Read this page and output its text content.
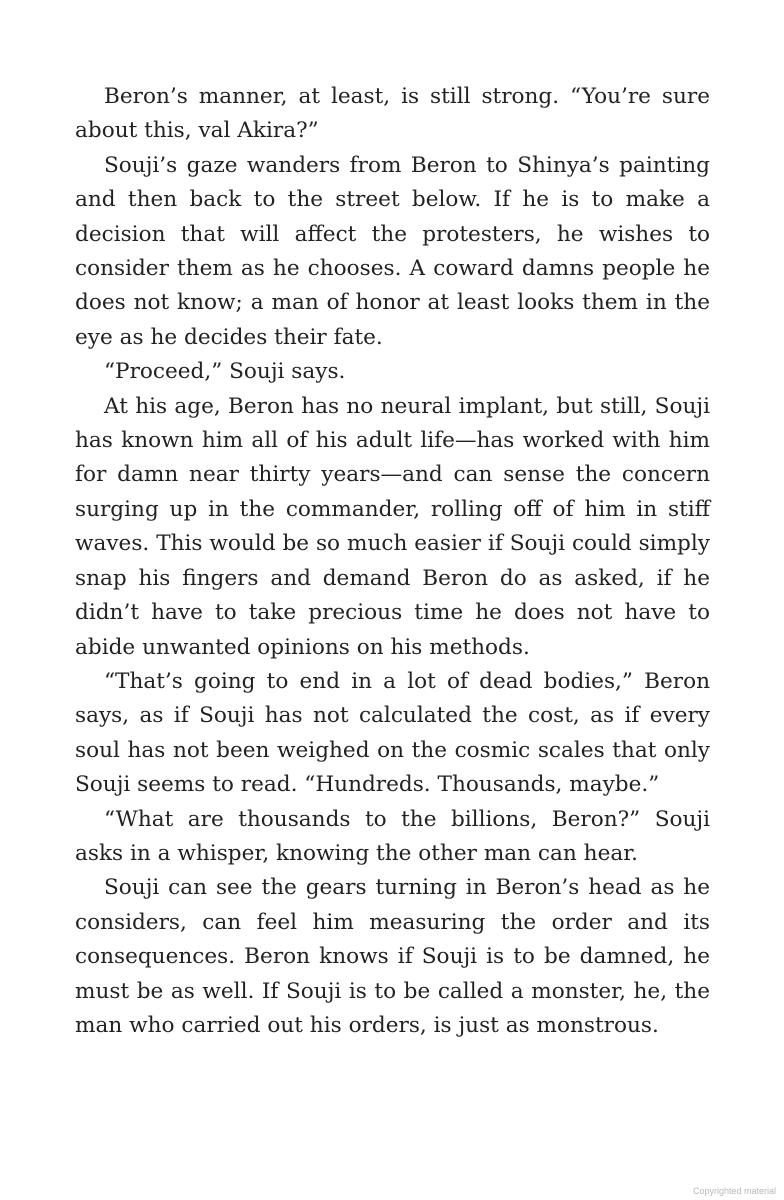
Beron’s manner, at least, is still strong. “You’re sure about this, val Akira?”

Souji’s gaze wanders from Beron to Shinya’s painting and then back to the street below. If he is to make a decision that will affect the protesters, he wishes to consider them as he chooses. A coward damns people he does not know; a man of honor at least looks them in the eye as he decides their fate.

“Proceed,” Souji says.

At his age, Beron has no neural implant, but still, Souji has known him all of his adult life—has worked with him for damn near thirty years—and can sense the concern surging up in the commander, rolling off of him in stiff waves. This would be so much easier if Souji could simply snap his fingers and demand Beron do as asked, if he didn’t have to take precious time he does not have to abide unwanted opinions on his methods.

“That’s going to end in a lot of dead bodies,” Beron says, as if Souji has not calculated the cost, as if every soul has not been weighed on the cosmic scales that only Souji seems to read. “Hundreds. Thousands, maybe.”

“What are thousands to the billions, Beron?” Souji asks in a whisper, knowing the other man can hear.

Souji can see the gears turning in Beron’s head as he considers, can feel him measuring the order and its consequences. Beron knows if Souji is to be damned, he must be as well. If Souji is to be called a monster, he, the man who carried out his orders, is just as monstrous.

Copyrighted material
